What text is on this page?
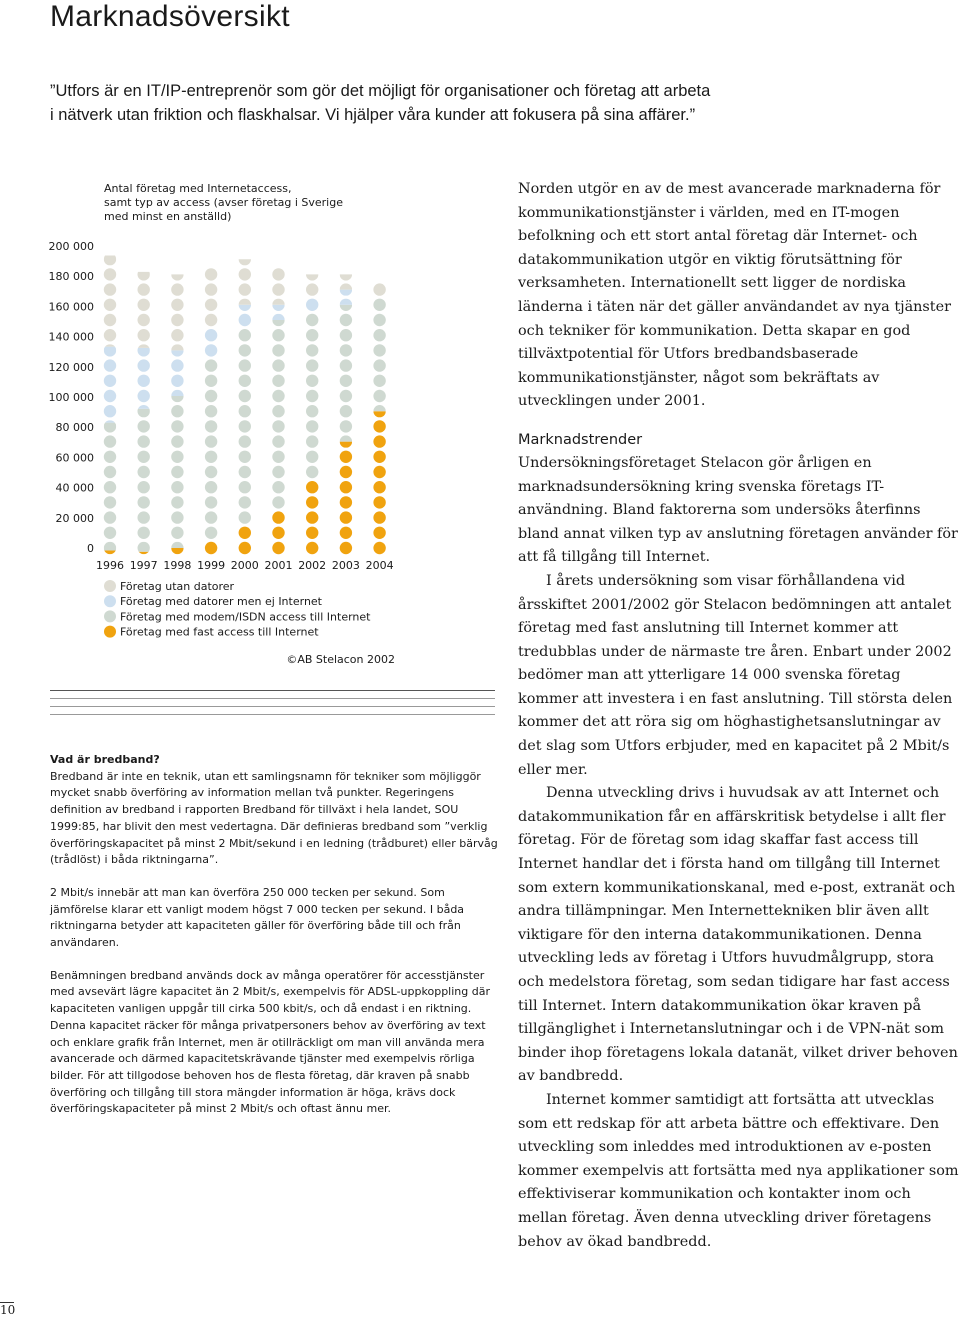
Marknadsöversikt
”Utfors är en IT/IP-entreprenör som gör det möjligt för organisationer och företag att arbeta
i nätverk utan friktion och flaskhalsar. Vi hjälper våra kunder att fokusera på sina affärer.”
Antal företag med Internetaccess,
samt typ av access (avser företag i Sverige
med minst en anställd)
0
20 000
40 000
60 000
80 000
100 000
120 000
140 000
160 000
180 000
200 000
1996 1997 1998 1999 2000 2001 2002 2003 2004
Företag utan datorer
Företag med datorer men ej Internet
Företag med modem/ISDN access till Internet
Företag med fast access till Internet
©AB Stelacon 2002
Vad är bredband?

Bredband är inte en teknik, utan ett samlingsnamn för tekniker som möjliggör mycket snabb överföring av information mellan två punkter. Regeringens definition av bredband i rapporten Bredband för tillväxt i hela landet, SOU 1999:85, har blivit den mest vedertagna. Där definieras bredband som ”verklig överföringskapacitet på minst 2 Mbit/sekund i en ledning (trådburet) eller bärvåg (trådlöst) i båda riktningarna”.

2 Mbit/s innebär att man kan överföra 250 000 tecken per sekund. Som jämförelse klarar ett vanligt modem högst 7 000 tecken per sekund. I båda riktningarna betyder att kapaciteten gäller för överföring både till och från användaren.

Benämningen bredband används dock av många operatörer för accesstjänster med avsevärt lägre kapacitet än 2 Mbit/s, exempelvis för ADSL-uppkoppling där kapaciteten vanligen uppgår till cirka 500 kbit/s, och då endast i en riktning. Denna kapacitet räcker för många privatpersoners behov av överföring av text och enklare grafik från Internet, men är otillräckligt om man vill använda mera avancerade och därmed kapacitetskrävande tjänster med exempelvis rörliga bilder. För att tillgodose behoven hos de flesta företag, där kraven på snabb överföring och tillgång till stora mängder information är höga, krävs dock överföringskapaciteter på minst 2 Mbit/s och oftast ännu mer.

Norden utgör en av de mest avancerade marknaderna för kommunikationstjänster i världen, med en IT-mogen befolkning och ett stort antal företag där Internet- och datakommunikation utgör en viktig förutsättning för verksamheten. Internationellt sett ligger de nordiska länderna i täten när det gäller användandet av nya tjänster och tekniker för kommunikation. Detta skapar en god tillväxtpotential för Utfors bredbandsbaserade kommunikationstjänster, något som bekräftats av utvecklingen under 2001.

Marknadstrender

Undersökningsföretaget Stelacon gör årligen en marknadsundersökning kring svenska företags IT-användning. Bland faktorerna som undersöks återfinns bland annat vilken typ av anslutning företagen använder för att få tillgång till Internet.

I årets undersökning som visar förhållandena vid årsskiftet 2001/2002 gör Stelacon bedömningen att antalet företag med fast anslutning till Internet kommer att tredubblas under de närmaste tre åren. Enbart under 2002 bedömer man att ytterligare 14 000 svenska företag kommer att investera i en fast anslutning. Till största delen kommer det att röra sig om höghastighetsanslutningar av det slag som Utfors erbjuder, med en kapacitet på 2 Mbit/s eller mer.

Denna utveckling drivs i huvudsak av att Internet och datakommunikation får en affärskritisk betydelse i allt fler företag. För de företag som idag skaffar fast access till Internet handlar det i första hand om tillgång till Internet som extern kommunikationskanal, med e-post, extranät och andra tillämpningar. Men Internettekniken blir även allt viktigare för den interna datakommunikationen. Denna utveckling leds av företag i Utfors huvudmålgrupp, stora och medelstora företag, som sedan tidigare har fast access till Internet. Intern datakommunikation ökar kraven på tillgänglighet i Internetanslutningar och i de VPN-nät som binder ihop företagens lokala datanät, vilket driver behoven av bandbredd.

Internet kommer samtidigt att fortsätta att utvecklas som ett redskap för att arbeta bättre och effektivare. Den utveckling som inleddes med introduktionen av e-posten kommer exempelvis att fortsätta med nya applikationer som effektiviserar kommunikation och kontakter inom och mellan företag. Även denna utveckling driver företagens behov av ökad bandbredd.

10
